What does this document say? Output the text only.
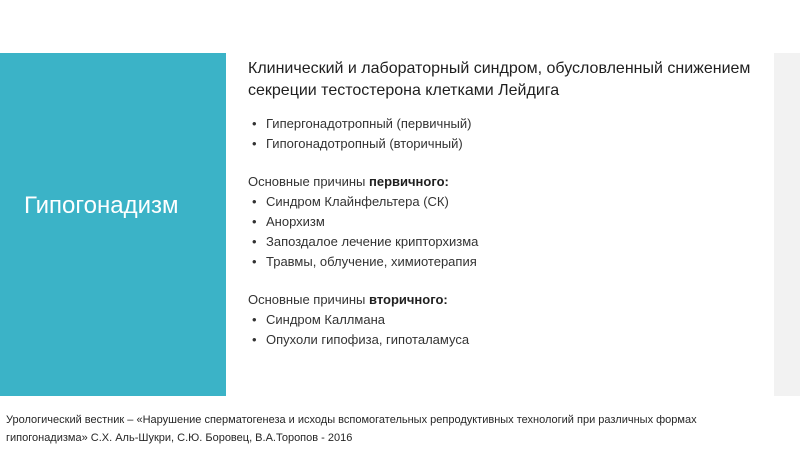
Гипогонадизм

Клинический и лабораторный синдром, обусловленный снижением секреции тестостерона клетками Лейдига

• Гипергонадотропный (первичный)
• Гипогонадотропный (вторичный)
Основные причины первичного:
• Синдром Клайнфельтера (СК)
• Анорхизм
• Запоздалое лечение крипторхизма
• Травмы, облучение, химиотерапия
Основные причины вторичного:
• Синдром Каллмана
• Опухоли гипофиза, гипоталамуса
Урологический вестник – «Нарушение сперматогенеза и исходы вспомогательных репродуктивных технологий при различных формах гипогонадизма» С.Х. Аль-Шукри, С.Ю. Боровец, В.А.Торопов - 2016
